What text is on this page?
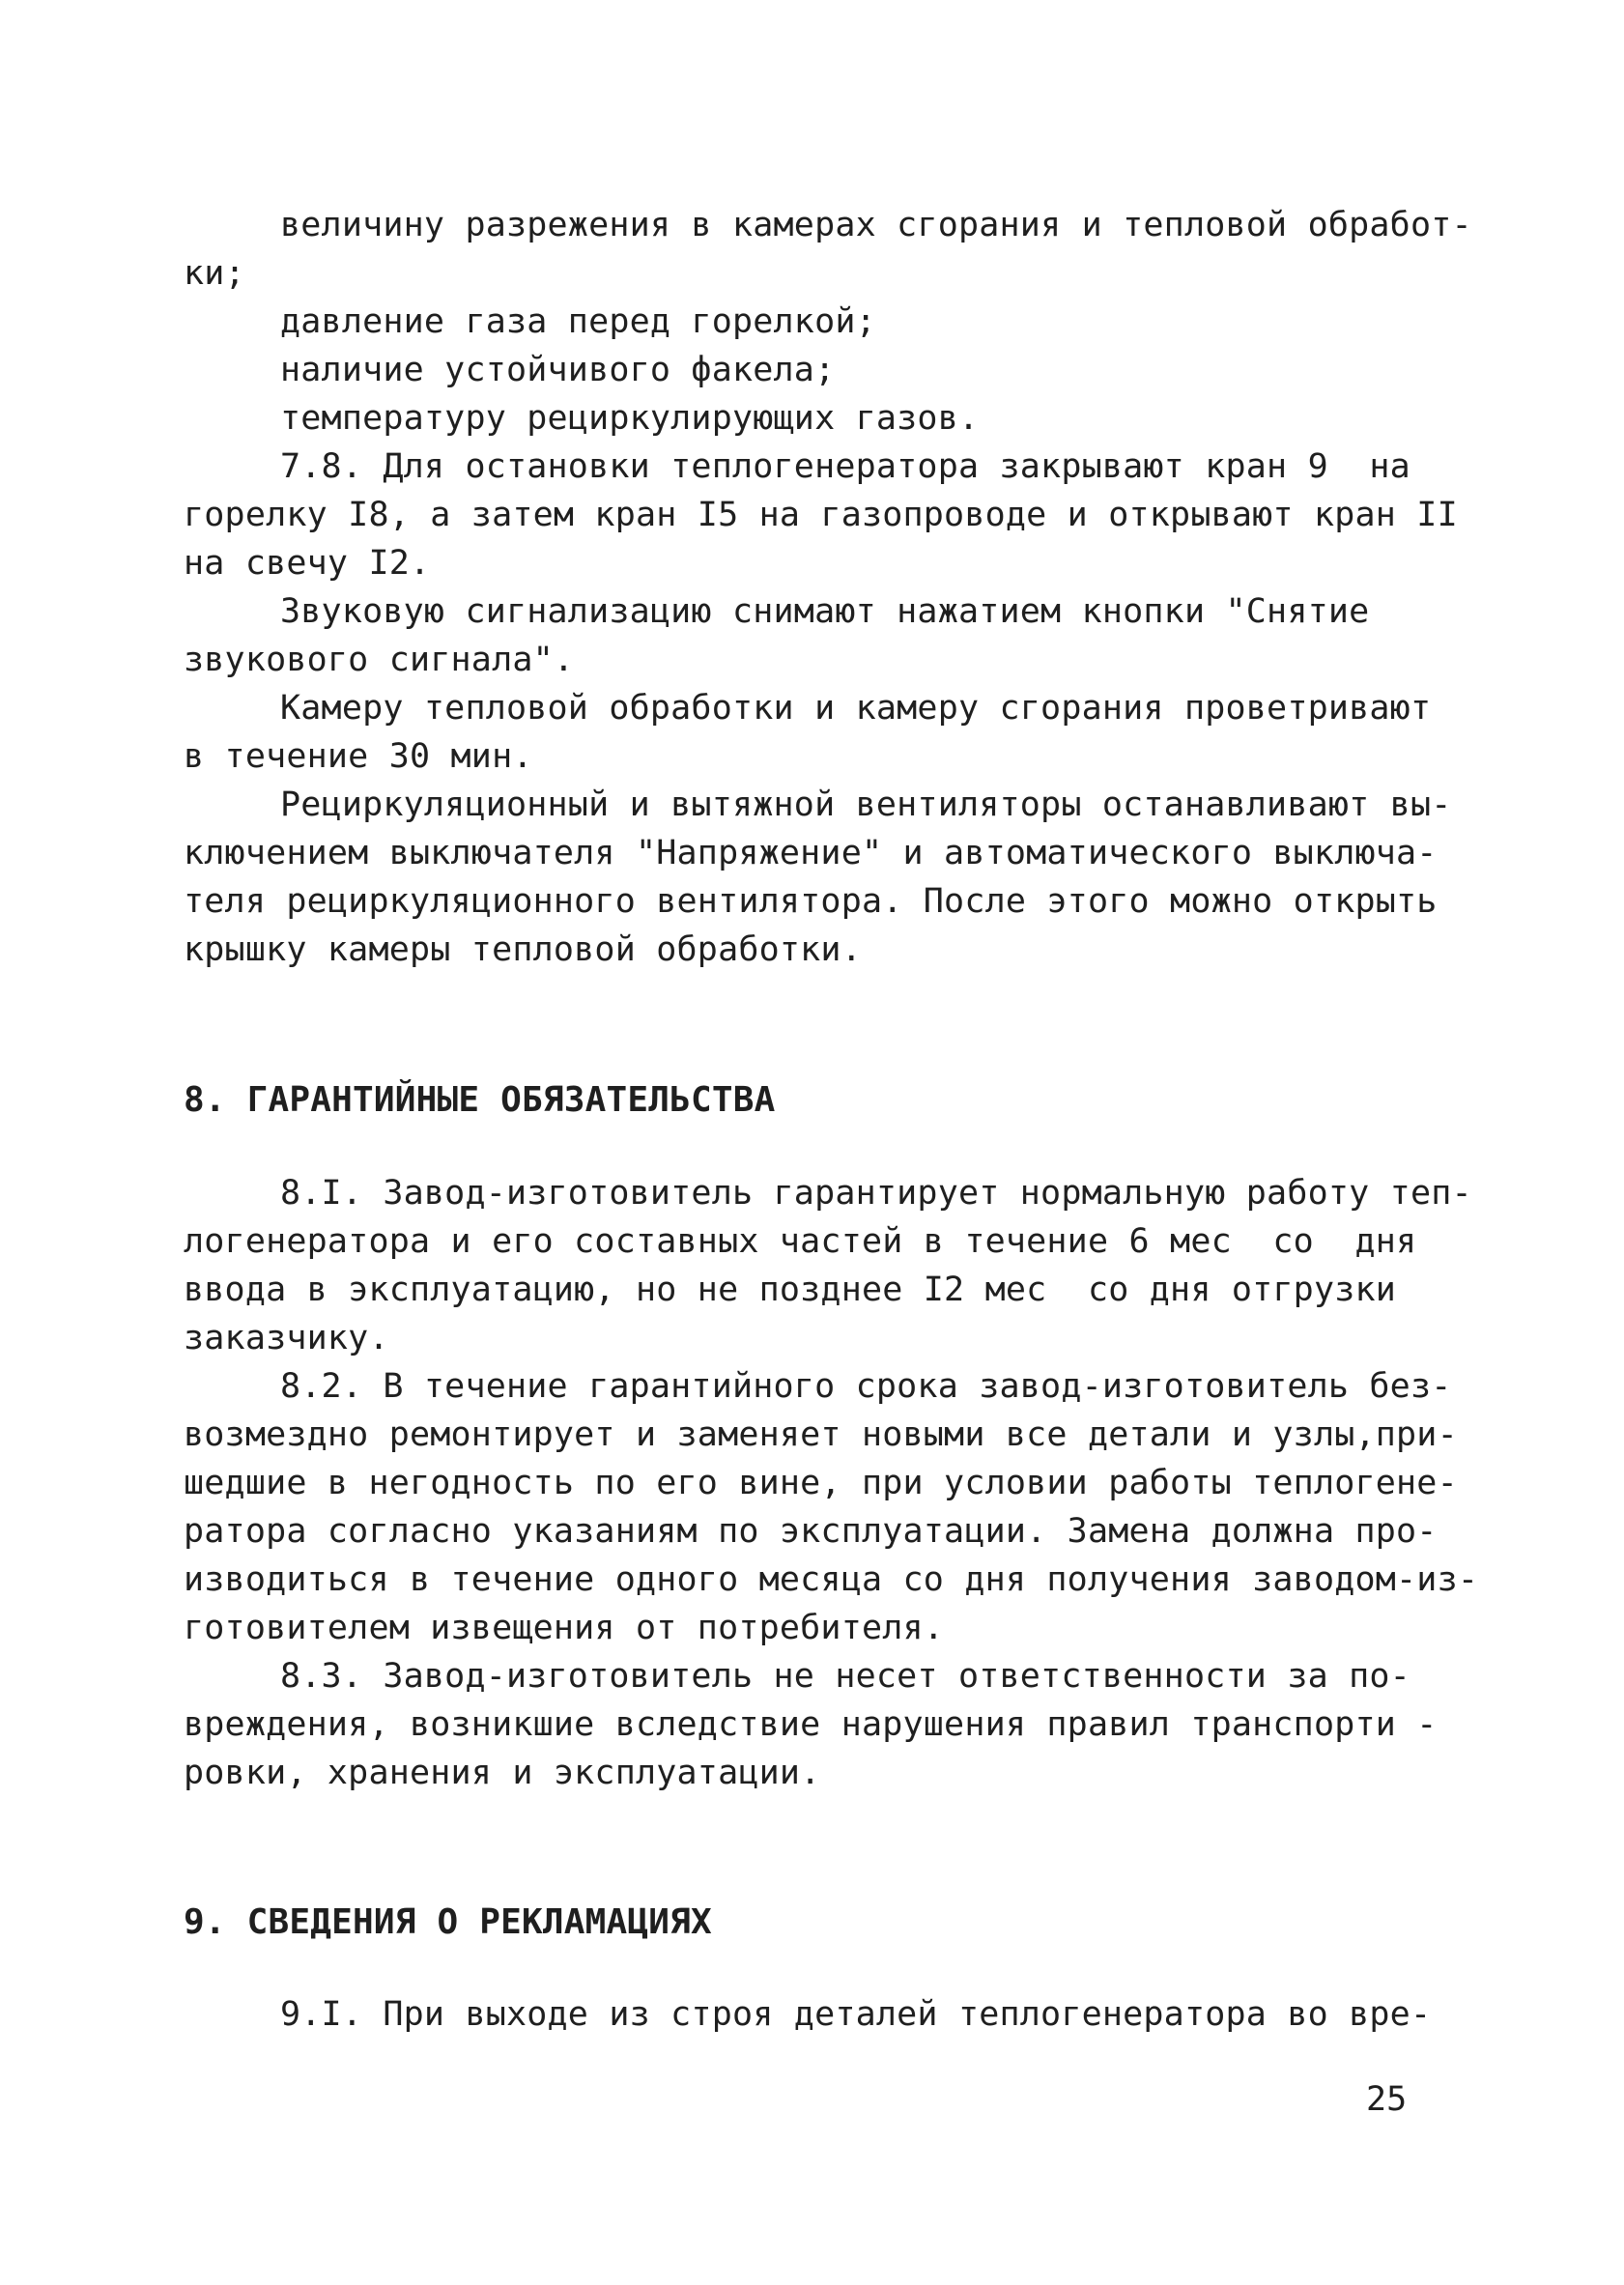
величину разрежения в камерах сгорания и тепловой обработ-

ки;

давление газа перед горелкой;

наличие устойчивого факела;

температуру рециркулирующих газов.

7.8. Для остановки теплогенератора закрывают кран 9  на

горелку I8, а затем кран I5 на газопроводе и открывают кран II

на свечу I2.

Звуковую сигнализацию снимают нажатием кнопки "Снятие

звукового сигнала".

Камеру тепловой обработки и камеру сгорания проветривают

в течение 30 мин.

Рециркуляционный и вытяжной вентиляторы останавливают вы-

ключением выключателя "Напряжение" и автоматического выключа-

теля рециркуляционного вентилятора. После этого можно открыть

крышку камеры тепловой обработки.

8. ГАРАНТИЙНЫЕ ОБЯЗАТЕЛЬСТВА

8.I. Завод-изготовитель гарантирует нормальную работу теп-

логенератора и его составных частей в течение 6 мес  со  дня

ввода в эксплуатацию, но не позднее I2 мес  со дня отгрузки

заказчику.

8.2. В течение гарантийного срока завод-изготовитель без-

возмездно ремонтирует и заменяет новыми все детали и узлы,при-

шедшие в негодность по его вине, при условии работы теплогене-

ратора согласно указаниям по эксплуатации. Замена должна про-

изводиться в течение одного месяца со дня получения заводом-из-

готовителем извещения от потребителя.

8.3. Завод-изготовитель не несет ответственности за по-

вреждения, возникшие вследствие нарушения правил транспорти -

ровки, хранения и эксплуатации.

9. СВЕДЕНИЯ О РЕКЛАМАЦИЯХ

9.I. При выходе из строя деталей теплогенератора во вре-

25
